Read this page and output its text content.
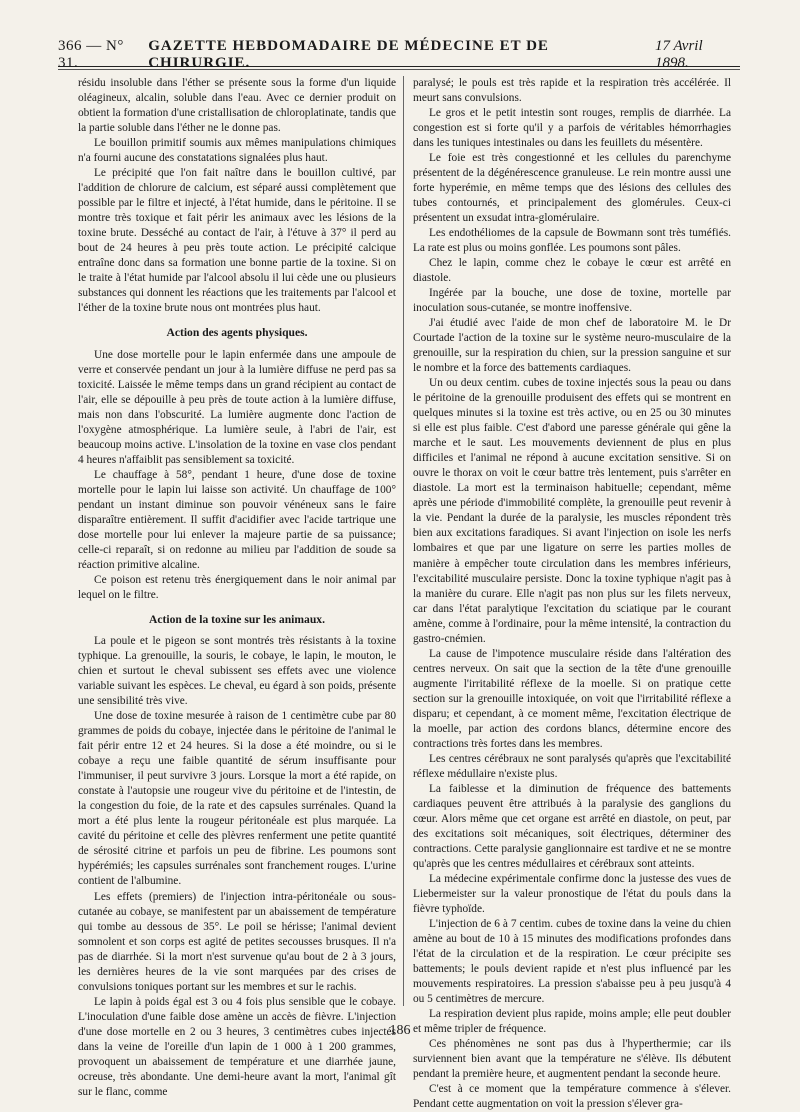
366 — N° 31.
GAZETTE HEBDOMADAIRE DE MÉDECINE ET DE CHIRURGIE.
17 Avril 1898.

résidu insoluble dans l'éther se présente sous la forme d'un liquide oléagineux, alcalin, soluble dans l'eau. Avec ce dernier produit on obtient la formation d'une cristallisation de chloroplatinate, tandis que la partie soluble dans l'éther ne le donne pas.

Le bouillon primitif soumis aux mêmes manipulations chimiques n'a fourni aucune des constatations signalées plus haut.

Le précipité que l'on fait naître dans le bouillon cultivé, par l'addition de chlorure de calcium, est séparé aussi complètement que possible par le filtre et injecté, à l'état humide, dans le péritoine. Il se montre très toxique et fait périr les animaux avec les lésions de la toxine brute. Desséché au contact de l'air, à l'étuve à 37° il perd au bout de 24 heures à peu près toute action. Le précipité calcique entraîne donc dans sa formation une bonne partie de la toxine. Si on le traite à l'état humide par l'alcool absolu il lui cède une ou plusieurs substances qui donnent les réactions que les traitements par l'alcool et l'éther de la toxine brute nous ont montrées plus haut.

Action des agents physiques.

Une dose mortelle pour le lapin enfermée dans une ampoule de verre et conservée pendant un jour à la lumière diffuse ne perd pas sa toxicité. Laissée le même temps dans un grand récipient au contact de l'air, elle se dépouille à peu près de toute action à la lumière diffuse, mais non dans l'obscurité. La lumière augmente donc l'action de l'oxygène atmosphérique. La lumière seule, à l'abri de l'air, est beaucoup moins active. L'insolation de la toxine en vase clos pendant 4 heures n'affaiblit pas sensiblement sa toxicité.

Le chauffage à 58°, pendant 1 heure, d'une dose de toxine mortelle pour le lapin lui laisse son activité. Un chauffage de 100° pendant un instant diminue son pouvoir vénéneux sans le faire disparaître entièrement. Il suffit d'acidifier avec l'acide tartrique une dose mortelle pour lui enlever la majeure partie de sa puissance; celle-ci reparaît, si on redonne au milieu par l'addition de soude sa réaction primitive alcaline.

Ce poison est retenu très énergiquement dans le noir animal par lequel on le filtre.

Action de la toxine sur les animaux.

La poule et le pigeon se sont montrés très résistants à la toxine typhique. La grenouille, la souris, le cobaye, le lapin, le mouton, le chien et surtout le cheval subissent ses effets avec une violence variable suivant les espèces. Le cheval, eu égard à son poids, présente une sensibilité très vive.

Une dose de toxine mesurée à raison de 1 centimètre cube par 80 grammes de poids du cobaye, injectée dans le péritoine de l'animal le fait périr entre 12 et 24 heures. Si la dose a été moindre, ou si le cobaye a reçu une faible quantité de sérum insuffisante pour l'immuniser, il peut survivre 3 jours. Lorsque la mort a été rapide, on constate à l'autopsie une rougeur vive du péritoine et de l'intestin, de la congestion du foie, de la rate et des capsules surrénales. Quand la mort a été plus lente la rougeur péritonéale est plus marquée. La cavité du péritoine et celle des plèvres renferment une petite quantité de sérosité citrine et parfois un peu de fibrine. Les poumons sont hypérémiés; les capsules surrénales sont franchement rouges. L'urine contient de l'albumine.

Les effets (premiers) de l'injection intra-péritonéale ou sous-cutanée au cobaye, se manifestent par un abaissement de température qui tombe au dessous de 35°. Le poil se hérisse; l'animal devient somnolent et son corps est agité de petites secousses brusques. Il n'a pas de diarrhée. Si la mort n'est survenue qu'au bout de 2 à 3 jours, les dernières heures de la vie sont marquées par des crises de convulsions toniques portant sur les membres et sur le rachis.

Le lapin à poids égal est 3 ou 4 fois plus sensible que le cobaye. L'inoculation d'une faible dose amène un accès de fièvre. L'injection d'une dose mortelle en 2 ou 3 heures, 3 centimètres cubes injectés dans la veine de l'oreille d'un lapin de 1 000 à 1 200 grammes, provoquent un abaissement de température et une diarrhée jaune, ocreuse, très abondante. Une demi-heure avant la mort, l'animal gît sur le flanc, comme

paralysé; le pouls est très rapide et la respiration très accélérée. Il meurt sans convulsions.

Le gros et le petit intestin sont rouges, remplis de diarrhée. La congestion est si forte qu'il y a parfois de véritables hémorrhagies dans les tuniques intestinales ou dans les feuillets du mésentère.

Le foie est très congestionné et les cellules du parenchyme présentent de la dégénérescence granuleuse. Le rein montre aussi une forte hyperémie, en même temps que des lésions des cellules des tubes contournés, et principalement des glomérules. Ceux-ci présentent un exsudat intra-glomérulaire.

Les endothéliomes de la capsule de Bowmann sont très tuméfiés. La rate est plus ou moins gonflée. Les poumons sont pâles.

Chez le lapin, comme chez le cobaye le cœur est arrêté en diastole.

Ingérée par la bouche, une dose de toxine, mortelle par inoculation sous-cutanée, se montre inoffensive.

J'ai étudié avec l'aide de mon chef de laboratoire M. le Dr Courtade l'action de la toxine sur le système neuro-musculaire de la grenouille, sur la respiration du chien, sur la pression sanguine et sur le nombre et la force des battements cardiaques.

Un ou deux centim. cubes de toxine injectés sous la peau ou dans le péritoine de la grenouille produisent des effets qui se montrent en quelques minutes si la toxine est très active, ou en 25 ou 30 minutes si elle est plus faible. C'est d'abord une paresse générale qui gêne la marche et le saut. Les mouvements deviennent de plus en plus difficiles et l'animal ne répond à aucune excitation sensitive. Si on ouvre le thorax on voit le cœur battre très lentement, puis s'arrêter en diastole. La mort est la terminaison habituelle; cependant, même après une période d'immobilité complète, la grenouille peut revenir à la vie. Pendant la durée de la paralysie, les muscles répondent très bien aux excitations faradiques. Si avant l'injection on isole les nerfs lombaires et que par une ligature on serre les parties molles de manière à empêcher toute circulation dans les membres inférieurs, l'excitabilité musculaire persiste. Donc la toxine typhique n'agit pas à la manière du curare. Elle n'agit pas non plus sur les filets nerveux, car dans l'état paralytique l'excitation du sciatique par le courant amène, comme à l'ordinaire, pour la même intensité, la contraction du gastro-cnémien.

La cause de l'impotence musculaire réside dans l'altération des centres nerveux. On sait que la section de la tête d'une grenouille augmente l'irritabilité réflexe de la moelle. Si on pratique cette section sur la grenouille intoxiquée, on voit que l'irritabilité réflexe a disparu; et cependant, à ce moment même, l'excitation électrique de la moelle, par action des cordons blancs, détermine encore des contractions très fortes dans les membres.

Les centres cérébraux ne sont paralysés qu'après que l'excitabilité réflexe médullaire n'existe plus.

La faiblesse et la diminution de fréquence des battements cardiaques peuvent être attribués à la paralysie des ganglions du cœur. Alors même que cet organe est arrêté en diastole, on peut, par des excitations soit mécaniques, soit électriques, déterminer des contractions. Cette paralysie ganglionnaire est tardive et ne se montre qu'après que les centres médullaires et cérébraux sont atteints.

La médecine expérimentale confirme donc la justesse des vues de Liebermeister sur la valeur pronostique de l'état du pouls dans la fièvre typhoïde.

L'injection de 6 à 7 centim. cubes de toxine dans la veine du chien amène au bout de 10 à 15 minutes des modifications profondes dans l'état de la circulation et de la respiration. Le cœur précipite ses battements; le pouls devient rapide et n'est plus influencé par les mouvements respiratoires. La pression s'abaisse peu à peu jusqu'à 4 ou 5 centimètres de mercure.

La respiration devient plus rapide, moins ample; elle peut doubler et même tripler de fréquence.

Ces phénomènes ne sont pas dus à l'hyperthermie; car ils surviennent bien avant que la température ne s'élève. Ils débutent pendant la première heure, et augmentent pendant la seconde heure.

C'est à ce moment que la température commence à s'élever. Pendant cette augmentation on voit la pression s'élever gra-

186
